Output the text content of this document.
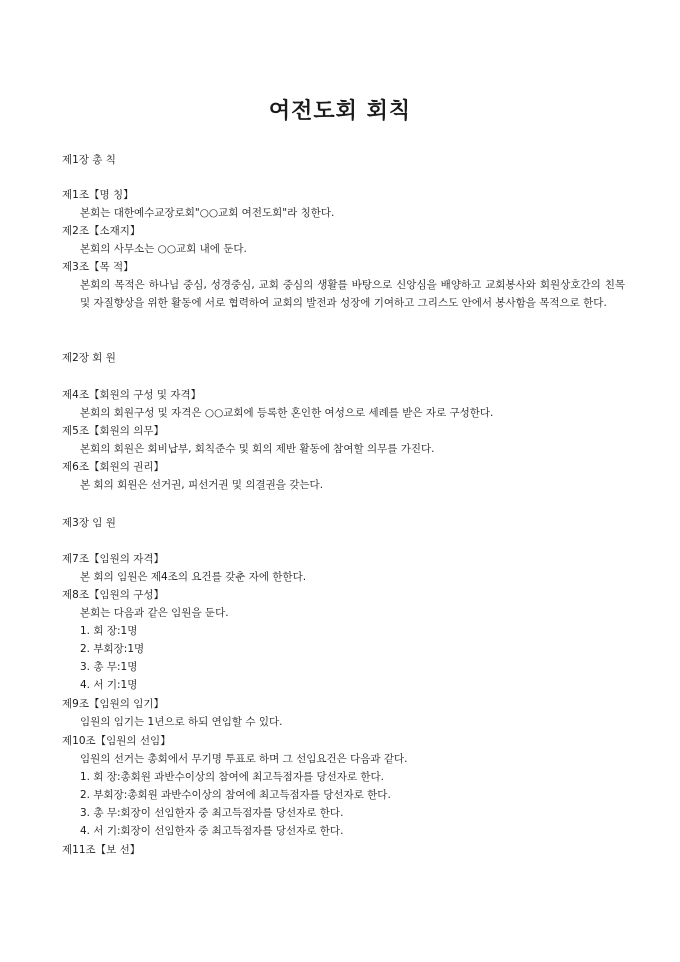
여전도회 회칙
제1장 총 칙
제1조【명 칭】
본회는 대한예수교장로회"○○교회 여전도회"라 칭한다.
제2조【소재지】
본회의 사무소는 ○○교회 내에 둔다.
제3조【목 적】
본회의 목적은 하나님 중심, 성경중심, 교회 중심의 생활를 바탕으로 신앙심을 배양하고 교회봉사와 회원상호간의 친목 및 자질향상을 위한 활동에 서로 협력하여 교회의 발전과 성장에 기여하고 그리스도 안에서 봉사함을 목적으로 한다.
제2장 회 원
제4조【회원의 구성 및 자격】
본회의 회원구성 및 자격은 ○○교회에 등록한 혼인한 여성으로 세례를 받은 자로 구성한다.
제5조【회원의 의무】
본회의 회원은 회비납부, 회칙준수 및 회의 제반 활동에 참여할 의무를 가진다.
제6조【회원의 권리】
본 회의 회원은 선거권, 피선거권 및 의결권을 갖는다.
제3장 임 원
제7조【임원의 자격】
본 회의 임원은 제4조의 요건를 갖춘 자에 한한다.
제8조【임원의 구성】
본회는 다음과 같은 임원을 둔다.
1. 회 장:1명
2. 부회장:1명
3. 총 무:1명
4. 서 기:1명
제9조【임원의 임기】
임원의 임기는 1년으로 하되 연임할 수 있다.
제10조【임원의 선임】
임원의 선거는 총회에서 무기명 투표로 하며 그 선임요건은 다음과 같다.
1. 회 장:총회원 과반수이상의 참여에 최고득점자를 당선자로 한다.
2. 부회장:총회원 과반수이상의 참여에 최고득점자를 당선자로 한다.
3. 총 무:회장이 선임한자 중 최고득점자를 당선자로 한다.
4. 서 기:회장이 선임한자 중 최고득점자를 당선자로 한다.
제11조【보 선】
